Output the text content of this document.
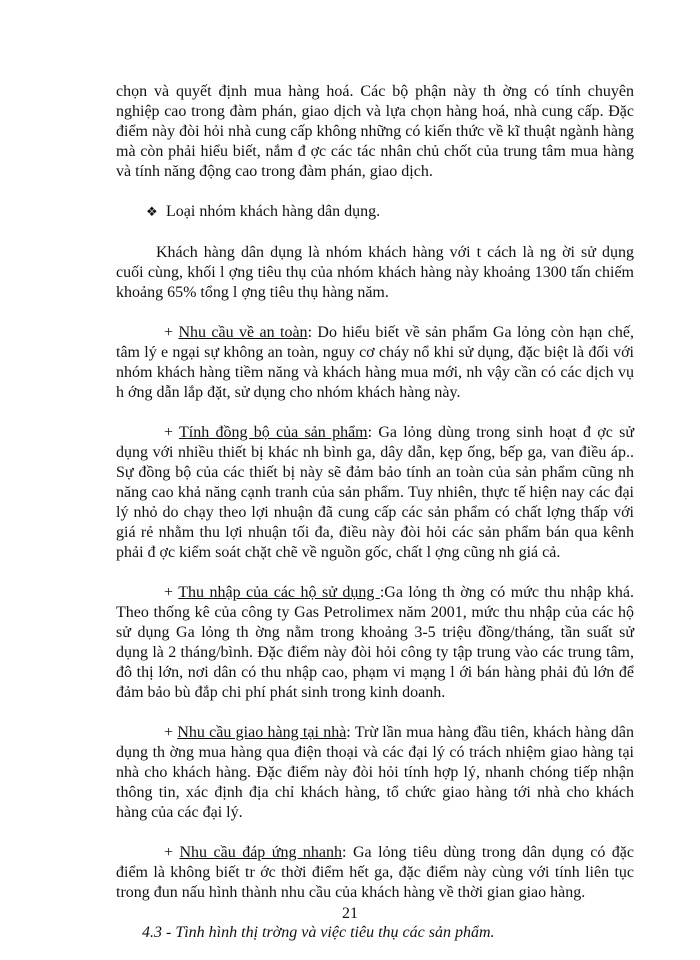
chọn và quyết định mua hàng hoá. Các bộ phận này th ờng có tính chuyên nghiệp cao trong đàm phán, giao dịch và lựa chọn hàng hoá, nhà cung cấp. Đặc điểm này đòi hỏi nhà cung cấp không những có kiến thức về kĩ thuật ngành hàng mà còn phải hiểu biết, nắm đ ợc các tác nhân chủ chốt của trung tâm mua hàng và tính năng động cao trong đàm phán, giao dịch.

❖ Loại nhóm khách hàng dân dụng.

Khách hàng dân dụng là nhóm khách hàng với t cách là ng ời sử dụng cuối cùng, khối l ợng tiêu thụ của nhóm khách hàng này khoảng 1300 tấn chiếm khoảng 65% tổng l ợng tiêu thụ hàng năm.

+ Nhu cầu về an toàn: Do hiểu biết về sản phẩm Ga lỏng còn hạn chế, tâm lý e ngại sự không an toàn, nguy cơ cháy nổ khi sử dụng, đặc biệt là đối với nhóm khách hàng tiềm năng và khách hàng mua mới, nh vậy cần có các dịch vụ h ớng dẫn lắp đặt, sử dụng cho nhóm khách hàng này.

+ Tính đồng bộ của sản phẩm: Ga lỏng dùng trong sinh hoạt đ ợc sử dụng với nhiều thiết bị khác nh bình ga, dây dẫn, kẹp ống, bếp ga, van điều áp.. Sự đồng bộ của các thiết bị này sẽ đảm bảo tính an toàn của sản phẩm cũng nh năng cao khả năng cạnh tranh của sản phẩm. Tuy nhiên, thực tế hiện nay các đại lý nhỏ do chạy theo lợi nhuận đã cung cấp các sản phẩm có chất lợng thấp với giá rẻ nhằm thu lợi nhuận tối đa, điều này đòi hỏi các sản phẩm bán qua kênh phải đ ợc kiểm soát chặt chẽ về nguồn gốc, chất l ợng cũng nh giá cả.

+ Thu nhập của các hộ sử dụng :Ga lỏng th ờng có mức thu nhập khá. Theo thống kê của công ty Gas Petrolimex năm 2001, mức thu nhập của các hộ sử dụng Ga lỏng th ờng nằm trong khoảng 3-5 triệu đồng/tháng, tần suất sử dụng là 2 tháng/bình. Đặc điểm này đòi hỏi công ty tập trung vào các trung tâm, đô thị lớn, nơi dân có thu nhập cao, phạm vi mạng l ới bán hàng phải đủ lớn để đảm bảo bù đắp chi phí phát sinh trong kinh doanh.

+ Nhu cầu giao hàng tại nhà: Trừ lần mua hàng đầu tiên, khách hàng dân dụng th ờng mua hàng qua điện thoại và các đại lý có trách nhiệm giao hàng tại nhà cho khách hàng. Đặc điểm này đòi hỏi tính hợp lý, nhanh chóng tiếp nhận thông tin, xác định địa chỉ khách hàng, tổ chức giao hàng tới nhà cho khách hàng của các đại lý.

+ Nhu cầu đáp ứng nhanh: Ga lỏng tiêu dùng trong dân dụng có đặc điểm là không biết tr ớc thời điểm hết ga, đặc điểm này cùng với tính liên tục trong đun nấu hình thành nhu cầu của khách hàng về thời gian giao hàng.

4.3 - Tình hình thị trờng và việc tiêu thụ các sản phẩm.

21
